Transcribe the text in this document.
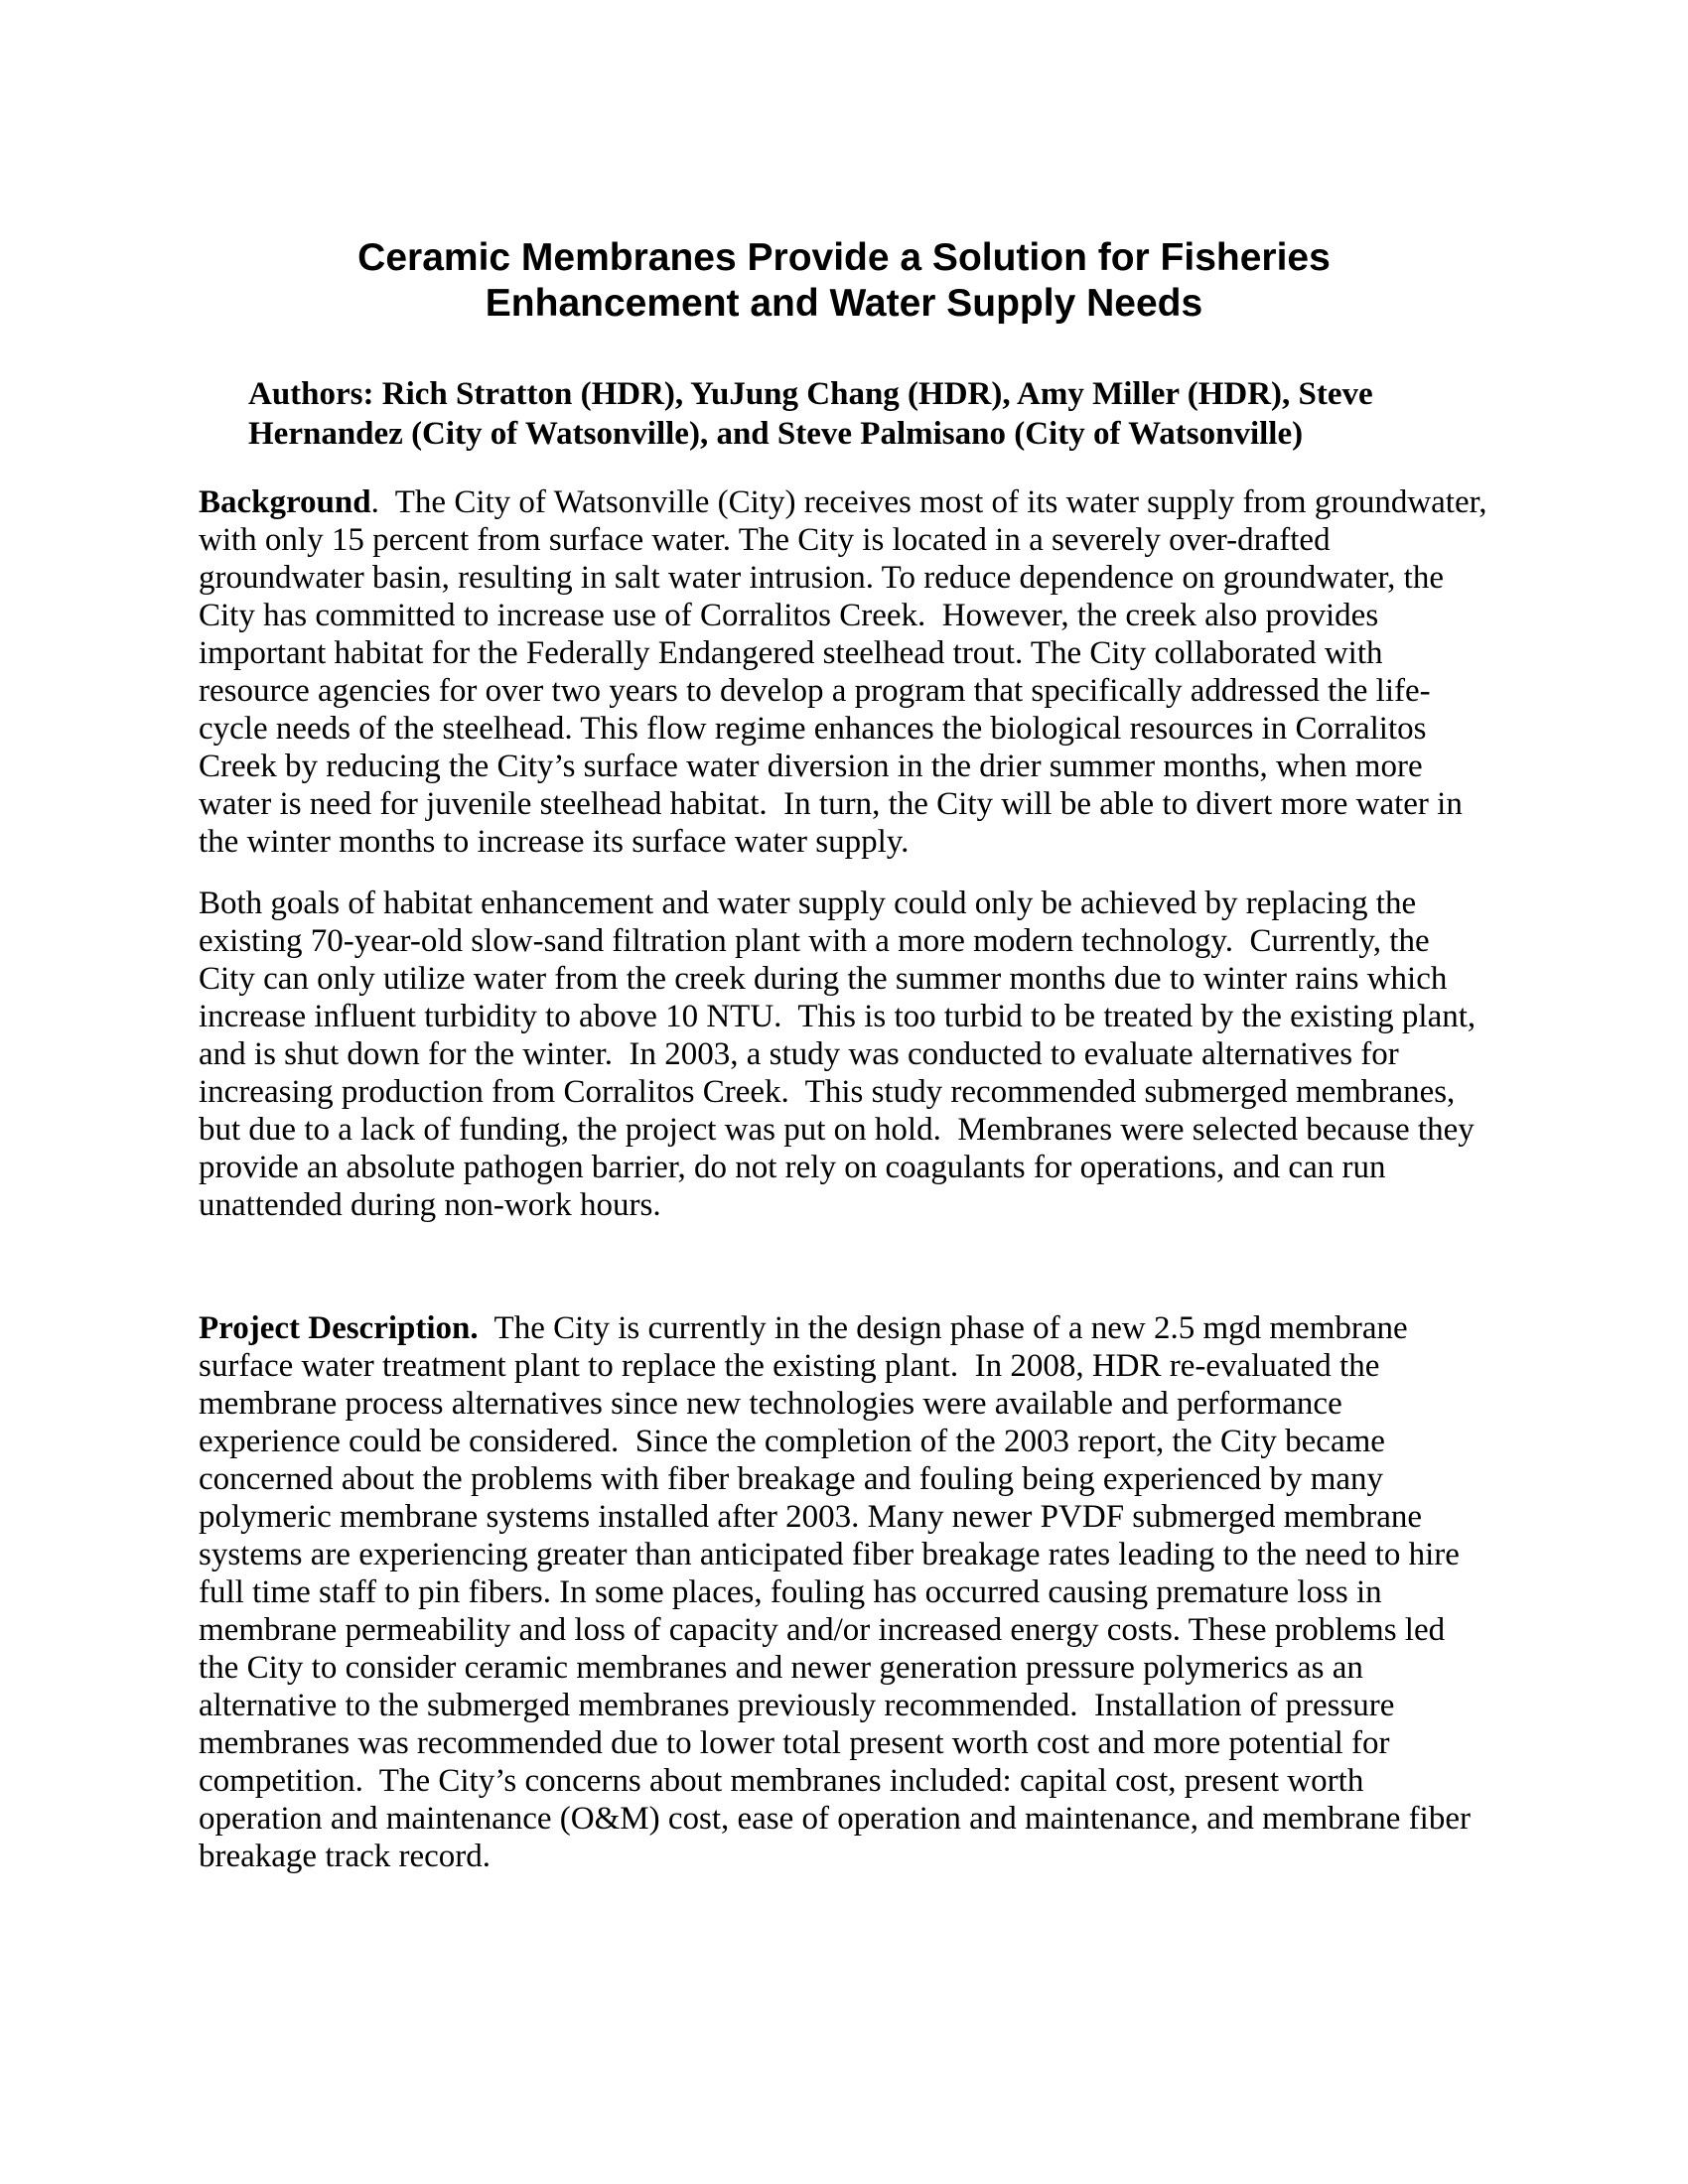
Ceramic Membranes Provide a Solution for Fisheries
Enhancement and Water Supply Needs
Authors: Rich Stratton (HDR), YuJung Chang (HDR), Amy Miller (HDR), Steve
Hernandez (City of Watsonville), and Steve Palmisano (City of Watsonville)

Background.  The City of Watsonville (City) receives most of its water supply from groundwater, with only 15 percent from surface water. The City is located in a severely over-drafted groundwater basin, resulting in salt water intrusion. To reduce dependence on groundwater, the City has committed to increase use of Corralitos Creek.  However, the creek also provides important habitat for the Federally Endangered steelhead trout. The City collaborated with resource agencies for over two years to develop a program that specifically addressed the life-cycle needs of the steelhead. This flow regime enhances the biological resources in Corralitos Creek by reducing the City’s surface water diversion in the drier summer months, when more water is need for juvenile steelhead habitat.  In turn, the City will be able to divert more water in the winter months to increase its surface water supply.

Both goals of habitat enhancement and water supply could only be achieved by replacing the existing 70-year-old slow-sand filtration plant with a more modern technology.  Currently, the City can only utilize water from the creek during the summer months due to winter rains which increase influent turbidity to above 10 NTU.  This is too turbid to be treated by the existing plant, and is shut down for the winter.  In 2003, a study was conducted to evaluate alternatives for increasing production from Corralitos Creek.  This study recommended submerged membranes, but due to a lack of funding, the project was put on hold.  Membranes were selected because they provide an absolute pathogen barrier, do not rely on coagulants for operations, and can run unattended during non-work hours.

Project Description.  The City is currently in the design phase of a new 2.5 mgd membrane surface water treatment plant to replace the existing plant.  In 2008, HDR re-evaluated the membrane process alternatives since new technologies were available and performance experience could be considered.  Since the completion of the 2003 report, the City became concerned about the problems with fiber breakage and fouling being experienced by many polymeric membrane systems installed after 2003. Many newer PVDF submerged membrane systems are experiencing greater than anticipated fiber breakage rates leading to the need to hire full time staff to pin fibers. In some places, fouling has occurred causing premature loss in membrane permeability and loss of capacity and/or increased energy costs. These problems led the City to consider ceramic membranes and newer generation pressure polymerics as an alternative to the submerged membranes previously recommended.  Installation of pressure membranes was recommended due to lower total present worth cost and more potential for competition.  The City’s concerns about membranes included: capital cost, present worth operation and maintenance (O&M) cost, ease of operation and maintenance, and membrane fiber breakage track record.
